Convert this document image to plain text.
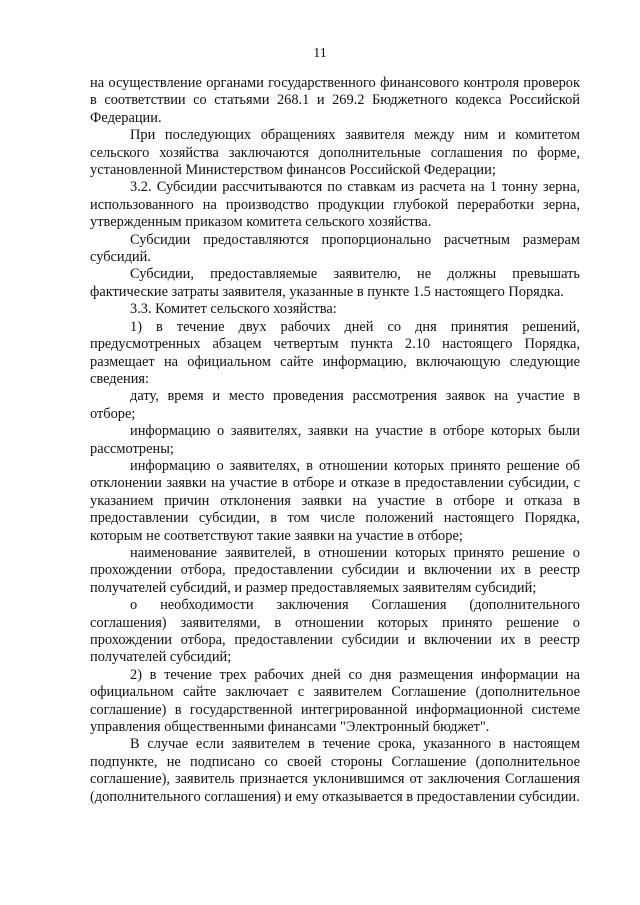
11

на осуществление органами государственного финансового контроля проверок в соответствии со статьями 268.1 и 269.2 Бюджетного кодекса Российской Федерации.

При последующих обращениях заявителя между ним и комитетом сельского хозяйства заключаются дополнительные соглашения по форме, установленной Министерством финансов Российской Федерации;

3.2. Субсидии рассчитываются по ставкам из расчета на 1 тонну зерна, использованного на производство продукции глубокой переработки зерна, утвержденным приказом комитета сельского хозяйства.

Субсидии предоставляются пропорционально расчетным размерам субсидий.

Субсидии, предоставляемые заявителю, не должны превышать фактические затраты заявителя, указанные в пункте 1.5 настоящего Порядка.

3.3. Комитет сельского хозяйства:

1) в течение двух рабочих дней со дня принятия решений, предусмотренных абзацем четвертым пункта 2.10 настоящего Порядка, размещает на официальном сайте информацию, включающую следующие сведения:

дату, время и место проведения рассмотрения заявок на участие в отборе;

информацию о заявителях, заявки на участие в отборе которых были рассмотрены;

информацию о заявителях, в отношении которых принято решение об отклонении заявки на участие в отборе и отказе в предоставлении субсидии, с указанием причин отклонения заявки на участие в отборе и отказа в предоставлении субсидии, в том числе положений настоящего Порядка, которым не соответствуют такие заявки на участие в отборе;

наименование заявителей, в отношении которых принято решение о прохождении отбора, предоставлении субсидии и включении их в реестр получателей субсидий, и размер предоставляемых заявителям субсидий;

о необходимости заключения Соглашения (дополнительного соглашения) заявителями, в отношении которых принято решение о прохождении отбора, предоставлении субсидии и включении их в реестр получателей субсидий;

2) в течение трех рабочих дней со дня размещения информации на официальном сайте заключает с заявителем Соглашение (дополнительное соглашение) в государственной интегрированной информационной системе управления общественными финансами "Электронный бюджет".

В случае если заявителем в течение срока, указанного в настоящем подпункте, не подписано со своей стороны Соглашение (дополнительное соглашение), заявитель признается уклонившимся от заключения Соглашения (дополнительного соглашения) и ему отказывается в предоставлении субсидии.
